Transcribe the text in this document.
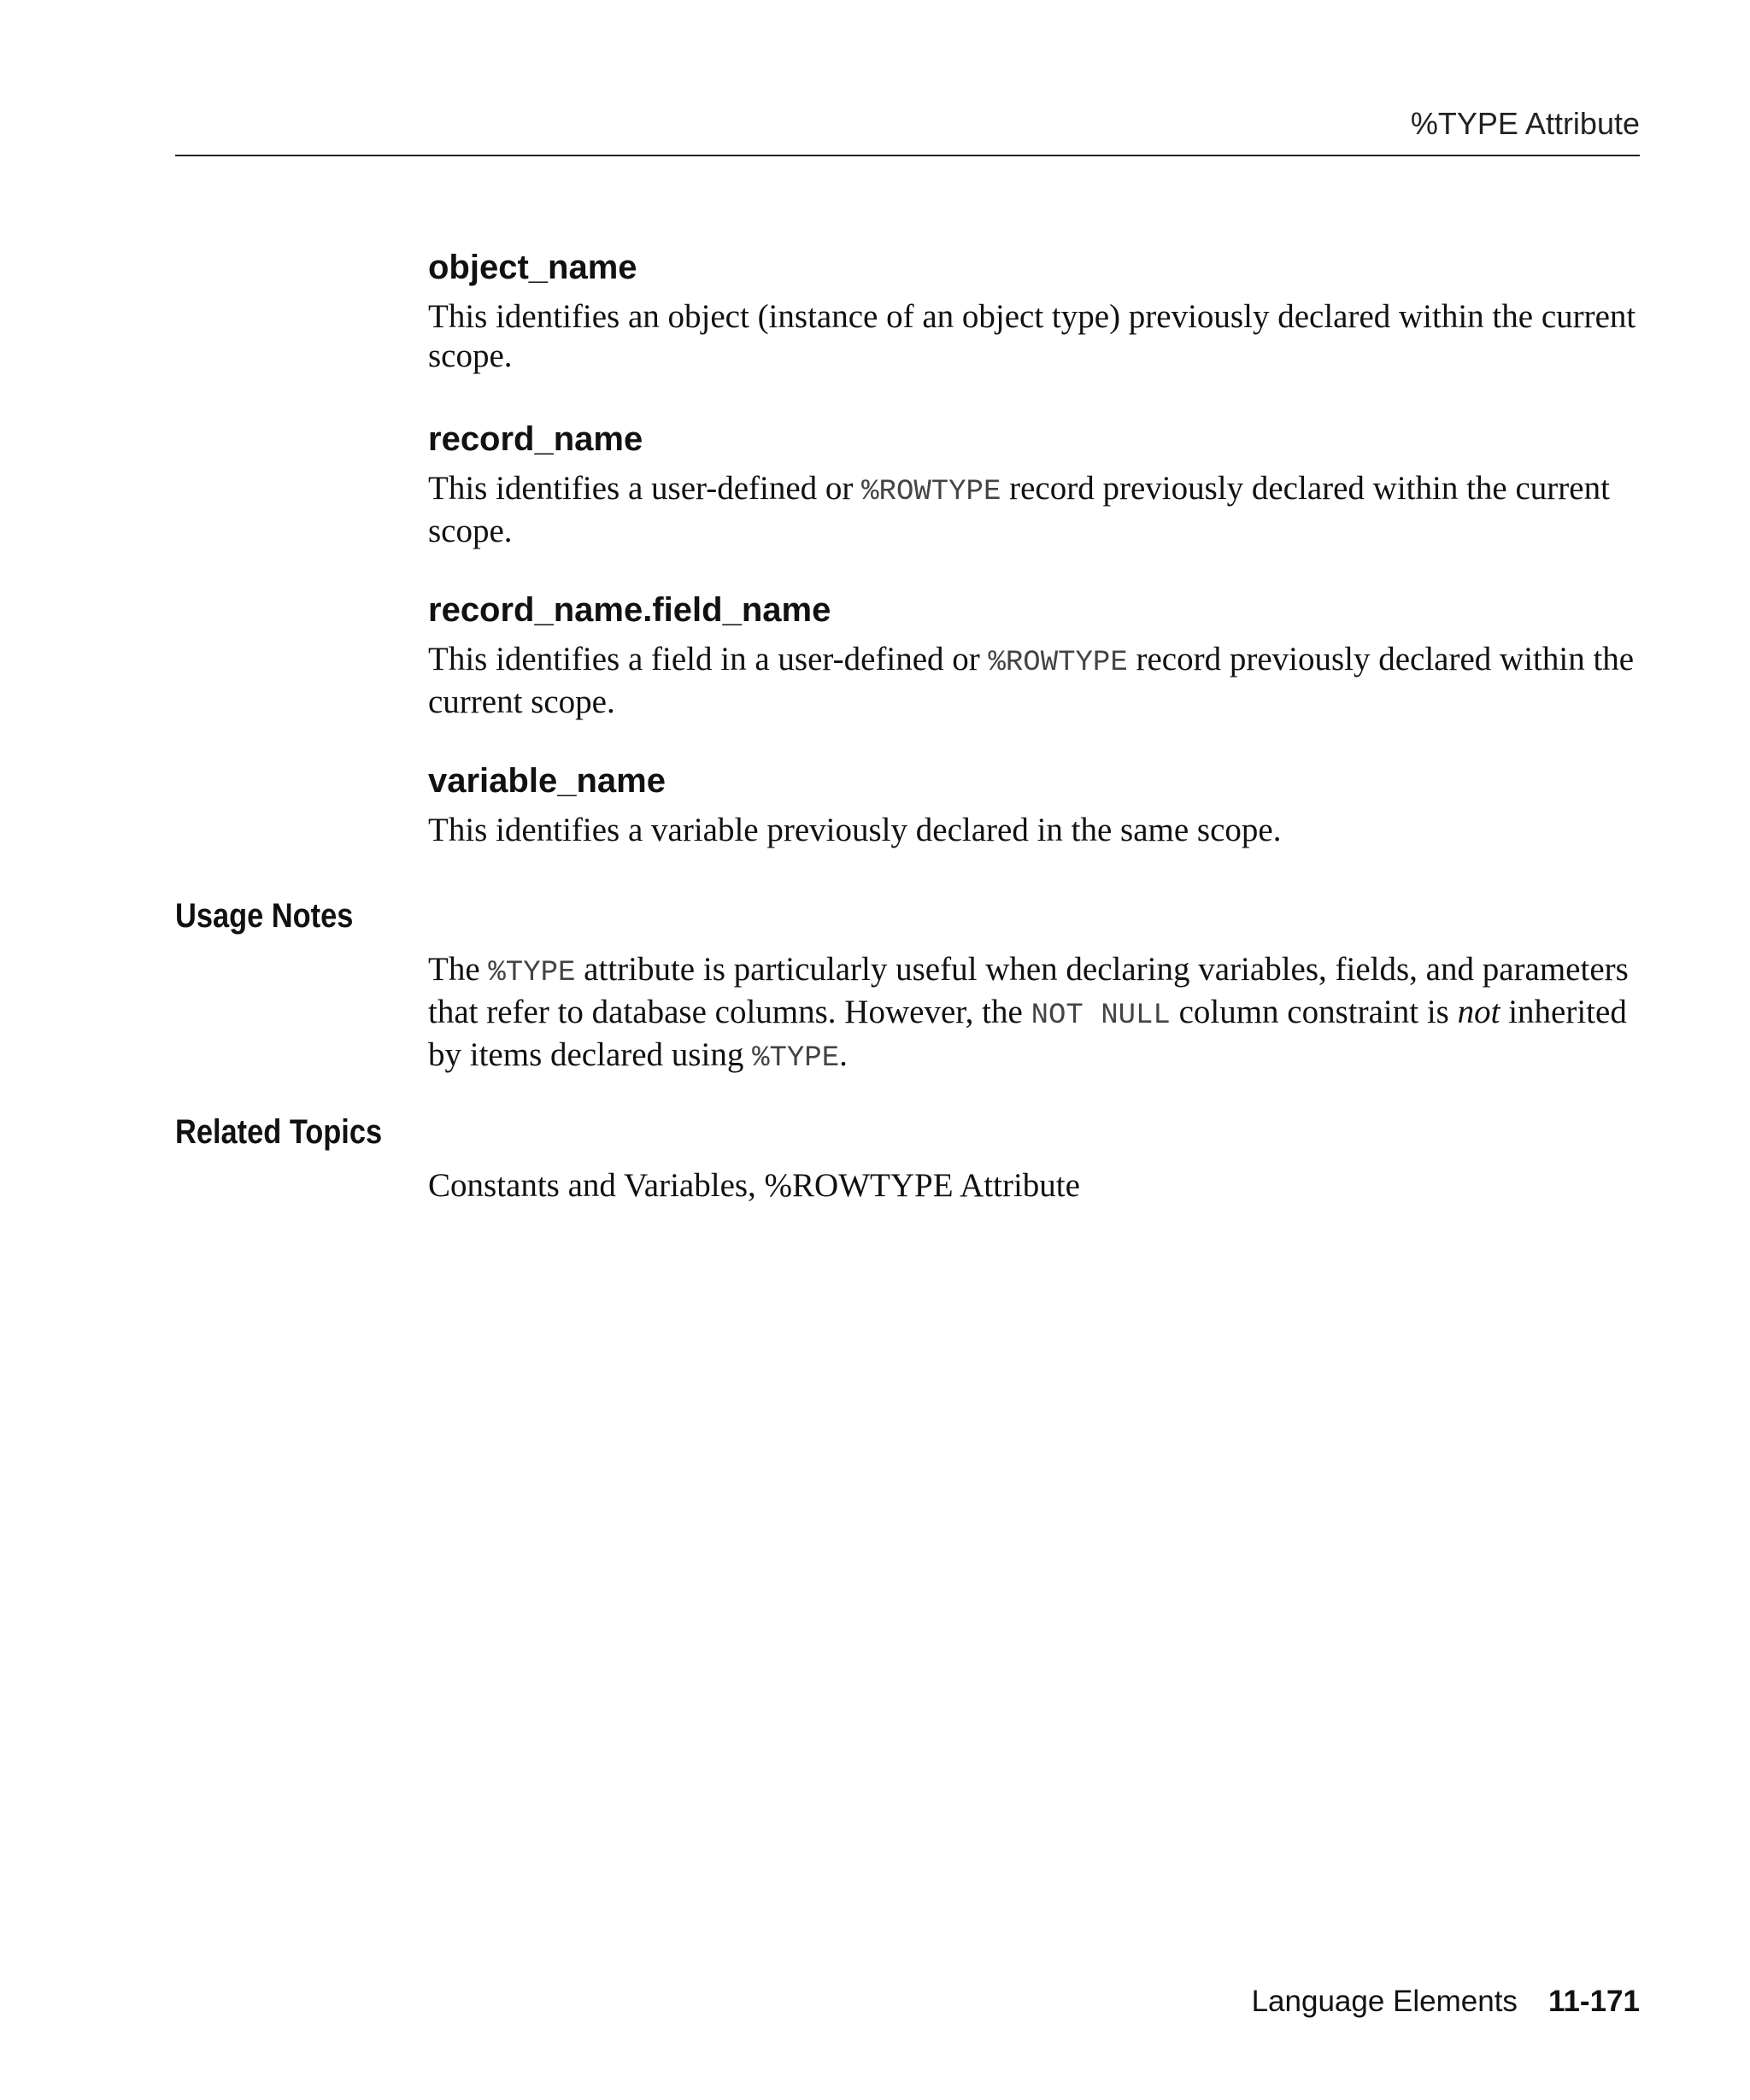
%TYPE Attribute
object_name
This identifies an object (instance of an object type) previously declared within the current scope.
record_name
This identifies a user-defined or %ROWTYPE record previously declared within the current scope.
record_name.field_name
This identifies a field in a user-defined or %ROWTYPE record previously declared within the current scope.
variable_name
This identifies a variable previously declared in the same scope.
Usage Notes
The %TYPE attribute is particularly useful when declaring variables, fields, and parameters that refer to database columns. However, the NOT NULL column constraint is not inherited by items declared using %TYPE.
Related Topics
Constants and Variables, %ROWTYPE Attribute
Language Elements 11-171
